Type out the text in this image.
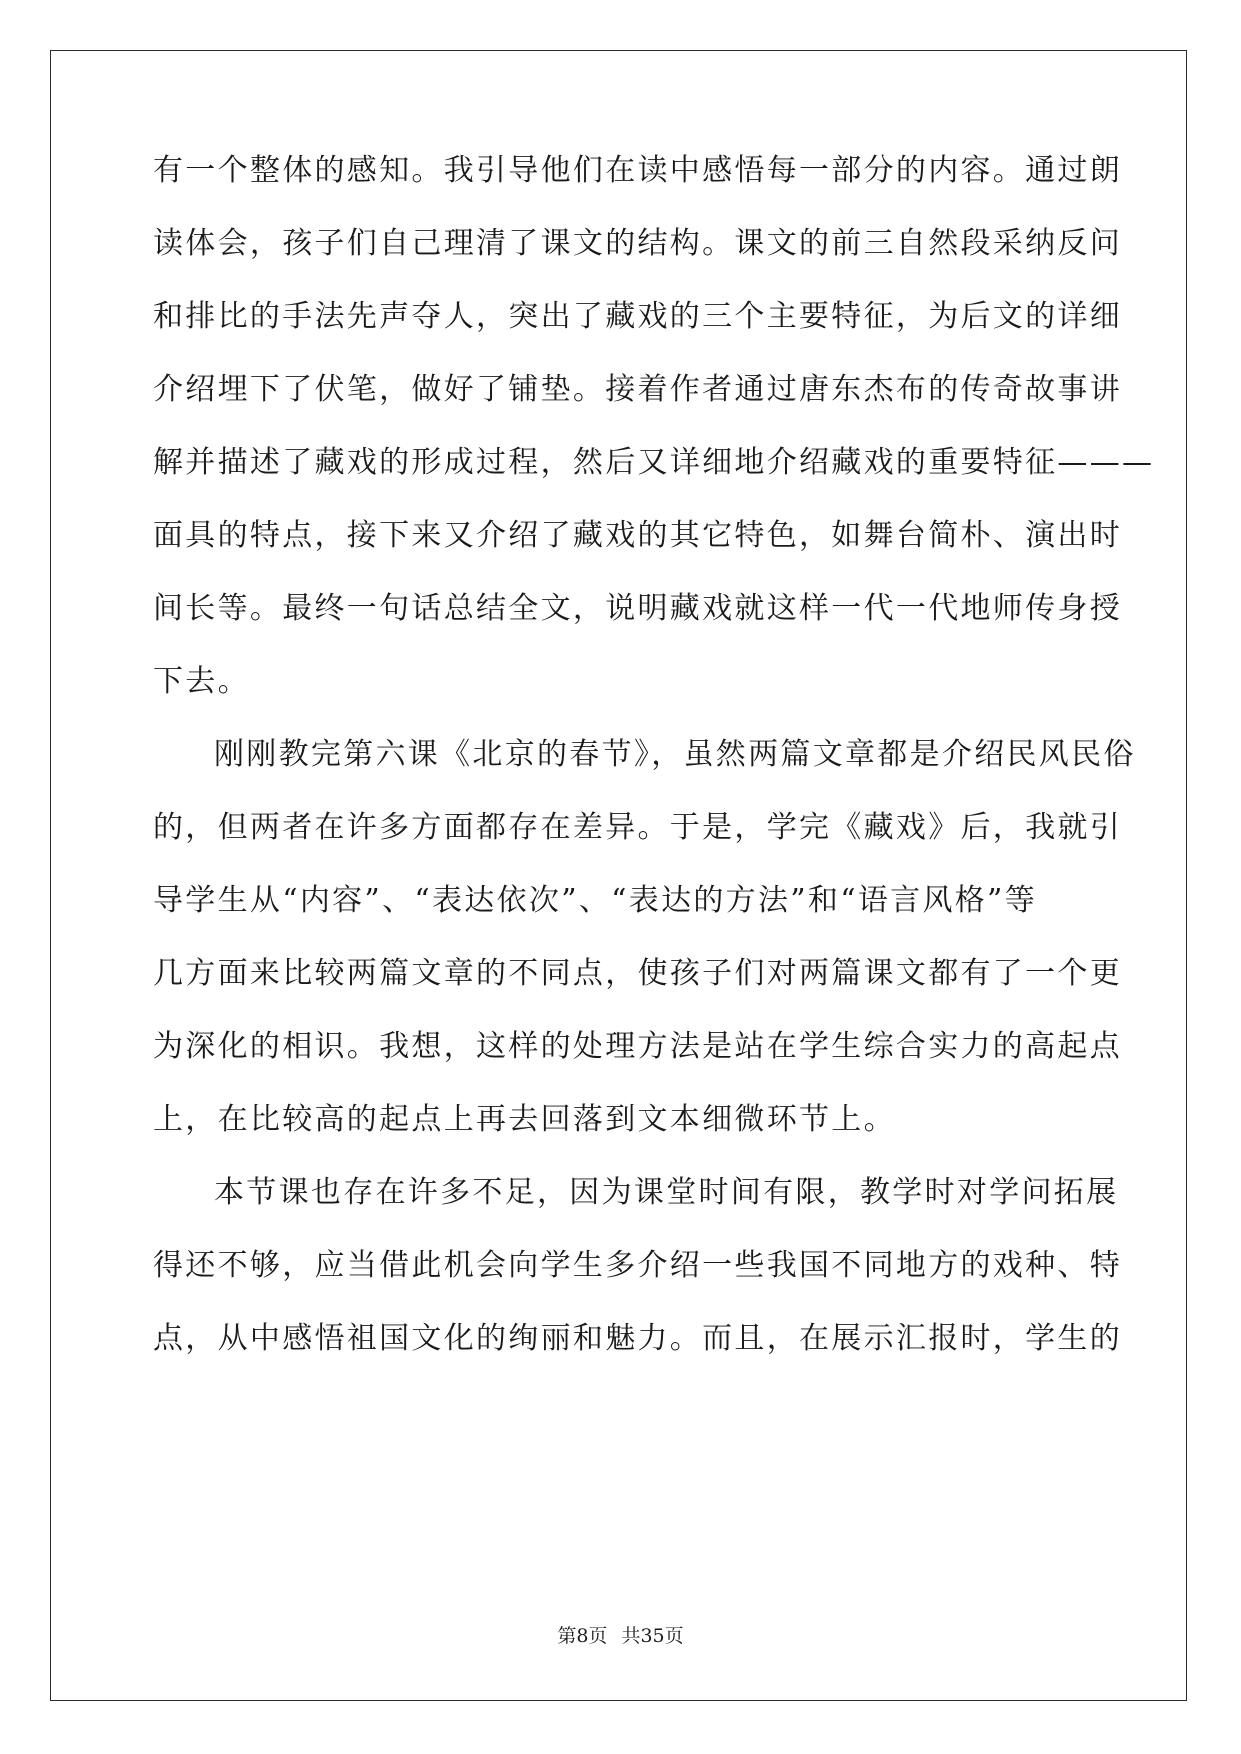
有一个整体的感知。我引导他们在读中感悟每一部分的内容。通过朗
读体会，孩子们自己理清了课文的结构。课文的前三自然段采纳反问
和排比的手法先声夺人，突出了藏戏的三个主要特征，为后文的详细
介绍埋下了伏笔，做好了铺垫。接着作者通过唐东杰布的传奇故事讲
解并描述了藏戏的形成过程，然后又详细地介绍藏戏的重要特征———
面具的特点，接下来又介绍了藏戏的其它特色，如舞台简朴、演出时
间长等。最终一句话总结全文，说明藏戏就这样一代一代地师传身授
下去。
刚刚教完第六课《北京的春节》，虽然两篇文章都是介绍民风民俗
的，但两者在许多方面都存在差异。于是，学完《藏戏》后，我就引
导学生从“内容”、“表达依次”、“表达的方法”和“语言风格”等
几方面来比较两篇文章的不同点，使孩子们对两篇课文都有了一个更
为深化的相识。我想，这样的处理方法是站在学生综合实力的高起点
上，在比较高的起点上再去回落到文本细微环节上。
本节课也存在许多不足，因为课堂时间有限，教学时对学问拓展
得还不够，应当借此机会向学生多介绍一些我国不同地方的戏种、特
点，从中感悟祖国文化的绚丽和魅力。而且，在展示汇报时，学生的
第8页 共35页
